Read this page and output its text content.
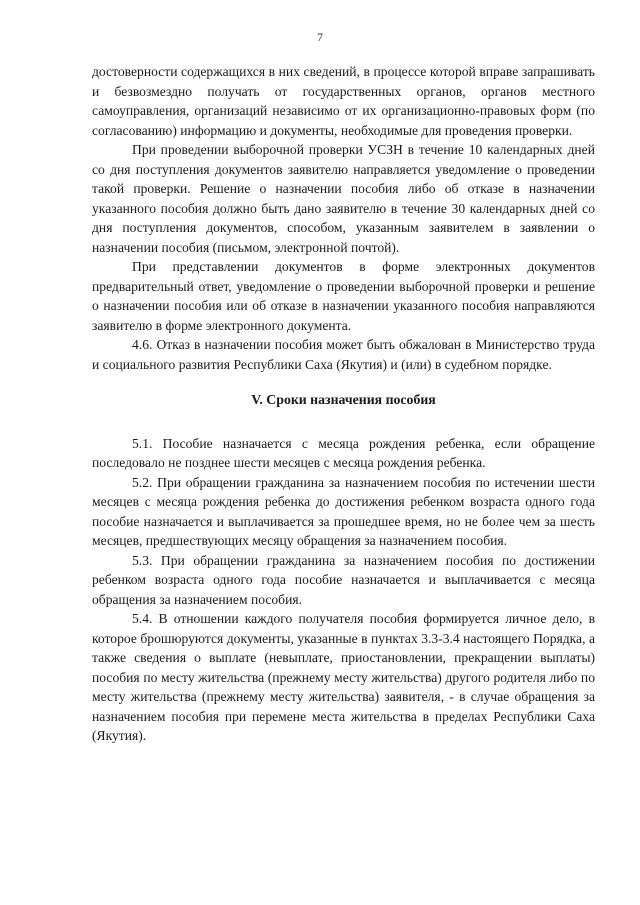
7

достоверности содержащихся в них сведений, в процессе которой вправе запрашивать и безвозмездно получать от государственных органов, органов местного самоуправления, организаций независимо от их организационно-правовых форм (по согласованию) информацию и документы, необходимые для проведения проверки.

При проведении выборочной проверки УСЗН в течение 10 календарных дней со дня поступления документов заявителю направляется уведомление о проведении такой проверки. Решение о назначении пособия либо об отказе в назначении указанного пособия должно быть дано заявителю в течение 30 календарных дней со дня поступления документов, способом, указанным заявителем в заявлении о назначении пособия (письмом, электронной почтой).

При представлении документов в форме электронных документов предварительный ответ, уведомление о проведении выборочной проверки и решение о назначении пособия или об отказе в назначении указанного пособия направляются заявителю в форме электронного документа.

4.6. Отказ в назначении пособия может быть обжалован в Министерство труда и социального развития Республики Саха (Якутия) и (или) в судебном порядке.

V. Сроки назначения пособия

5.1. Пособие назначается с месяца рождения ребенка, если обращение последовало не позднее шести месяцев с месяца рождения ребенка.

5.2. При обращении гражданина за назначением пособия по истечении шести месяцев с месяца рождения ребенка до достижения ребенком возраста одного года пособие назначается и выплачивается за прошедшее время, но не более чем за шесть месяцев, предшествующих месяцу обращения за назначением пособия.

5.3. При обращении гражданина за назначением пособия по достижении ребенком возраста одного года пособие назначается и выплачивается с месяца обращения за назначением пособия.

5.4. В отношении каждого получателя пособия формируется личное дело, в которое брошюруются документы, указанные в пунктах 3.3-3.4 настоящего Порядка, а также сведения о выплате (невыплате, приостановлении, прекращении выплаты) пособия по месту жительства (прежнему месту жительства) другого родителя либо по месту жительства (прежнему месту жительства) заявителя, - в случае обращения за назначением пособия при перемене места жительства в пределах Республики Саха (Якутия).
